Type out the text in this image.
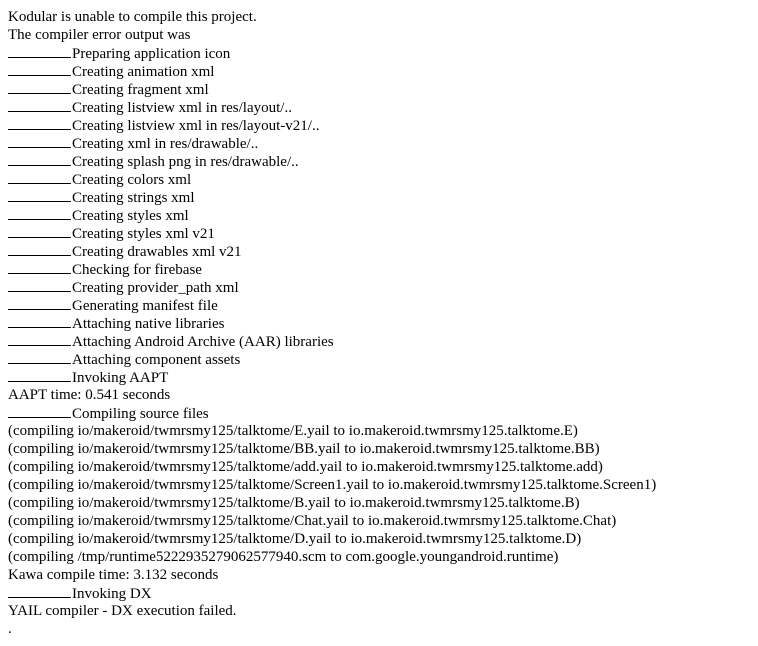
Kodular is unable to compile this project.
The compiler error output was
Preparing application icon
Creating animation xml
Creating fragment xml
Creating listview xml in res/layout/..
Creating listview xml in res/layout-v21/..
Creating xml in res/drawable/..
Creating splash png in res/drawable/..
Creating colors xml
Creating strings xml
Creating styles xml
Creating styles xml v21
Creating drawables xml v21
Checking for firebase
Creating provider_path xml
Generating manifest file
Attaching native libraries
Attaching Android Archive (AAR) libraries
Attaching component assets
Invoking AAPT
AAPT time: 0.541 seconds
Compiling source files
(compiling io/makeroid/twmrsmy125/talktome/E.yail to io.makeroid.twmrsmy125.talktome.E)
(compiling io/makeroid/twmrsmy125/talktome/BB.yail to io.makeroid.twmrsmy125.talktome.BB)
(compiling io/makeroid/twmrsmy125/talktome/add.yail to io.makeroid.twmrsmy125.talktome.add)
(compiling io/makeroid/twmrsmy125/talktome/Screen1.yail to io.makeroid.twmrsmy125.talktome.Screen1)
(compiling io/makeroid/twmrsmy125/talktome/B.yail to io.makeroid.twmrsmy125.talktome.B)
(compiling io/makeroid/twmrsmy125/talktome/Chat.yail to io.makeroid.twmrsmy125.talktome.Chat)
(compiling io/makeroid/twmrsmy125/talktome/D.yail to io.makeroid.twmrsmy125.talktome.D)
(compiling /tmp/runtime5222935279062577940.scm to com.google.youngandroid.runtime)
Kawa compile time: 3.132 seconds
Invoking DX
YAIL compiler - DX execution failed.
.
